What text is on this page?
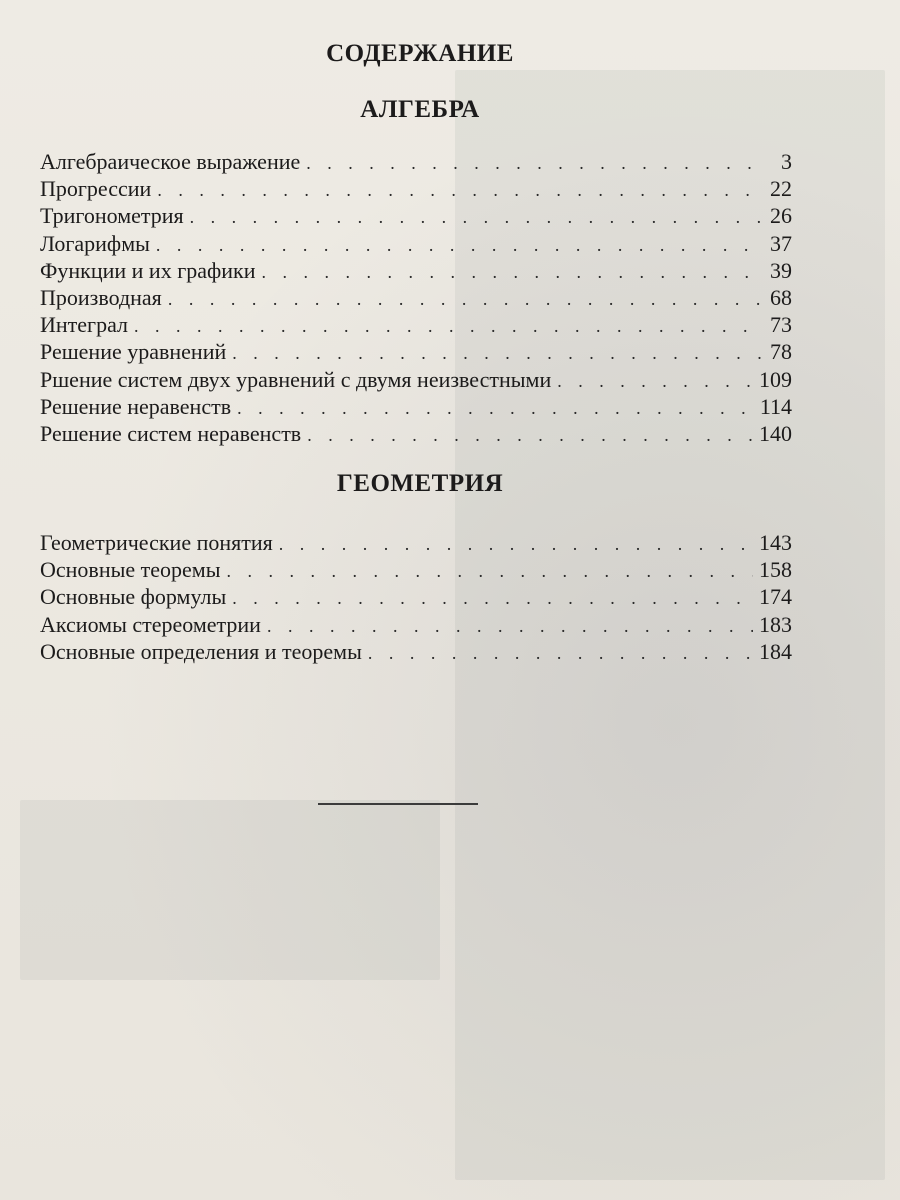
СОДЕРЖАНИЕ
АЛГЕБРА
Алгебраическое выражение . . .	3
Прогрессии . . .	22
Тригонометрия . . .	26
Логарифмы . . .	37
Функции и их графики . . .	39
Производная . . .	68
Интеграл . . .	73
Решение уравнений . . .	78
Ршение систем двух уравнений с двумя неизвестными . . .	109
Решение неравенств . . .	114
Решение систем неравенств . . .	140
ГЕОМЕТРИЯ
Геометрические понятия . . .	143
Основные теоремы . . .	158
Основные формулы . . .	174
Аксиомы стереометрии . . .	183
Основные определения и теоремы . . .	184
